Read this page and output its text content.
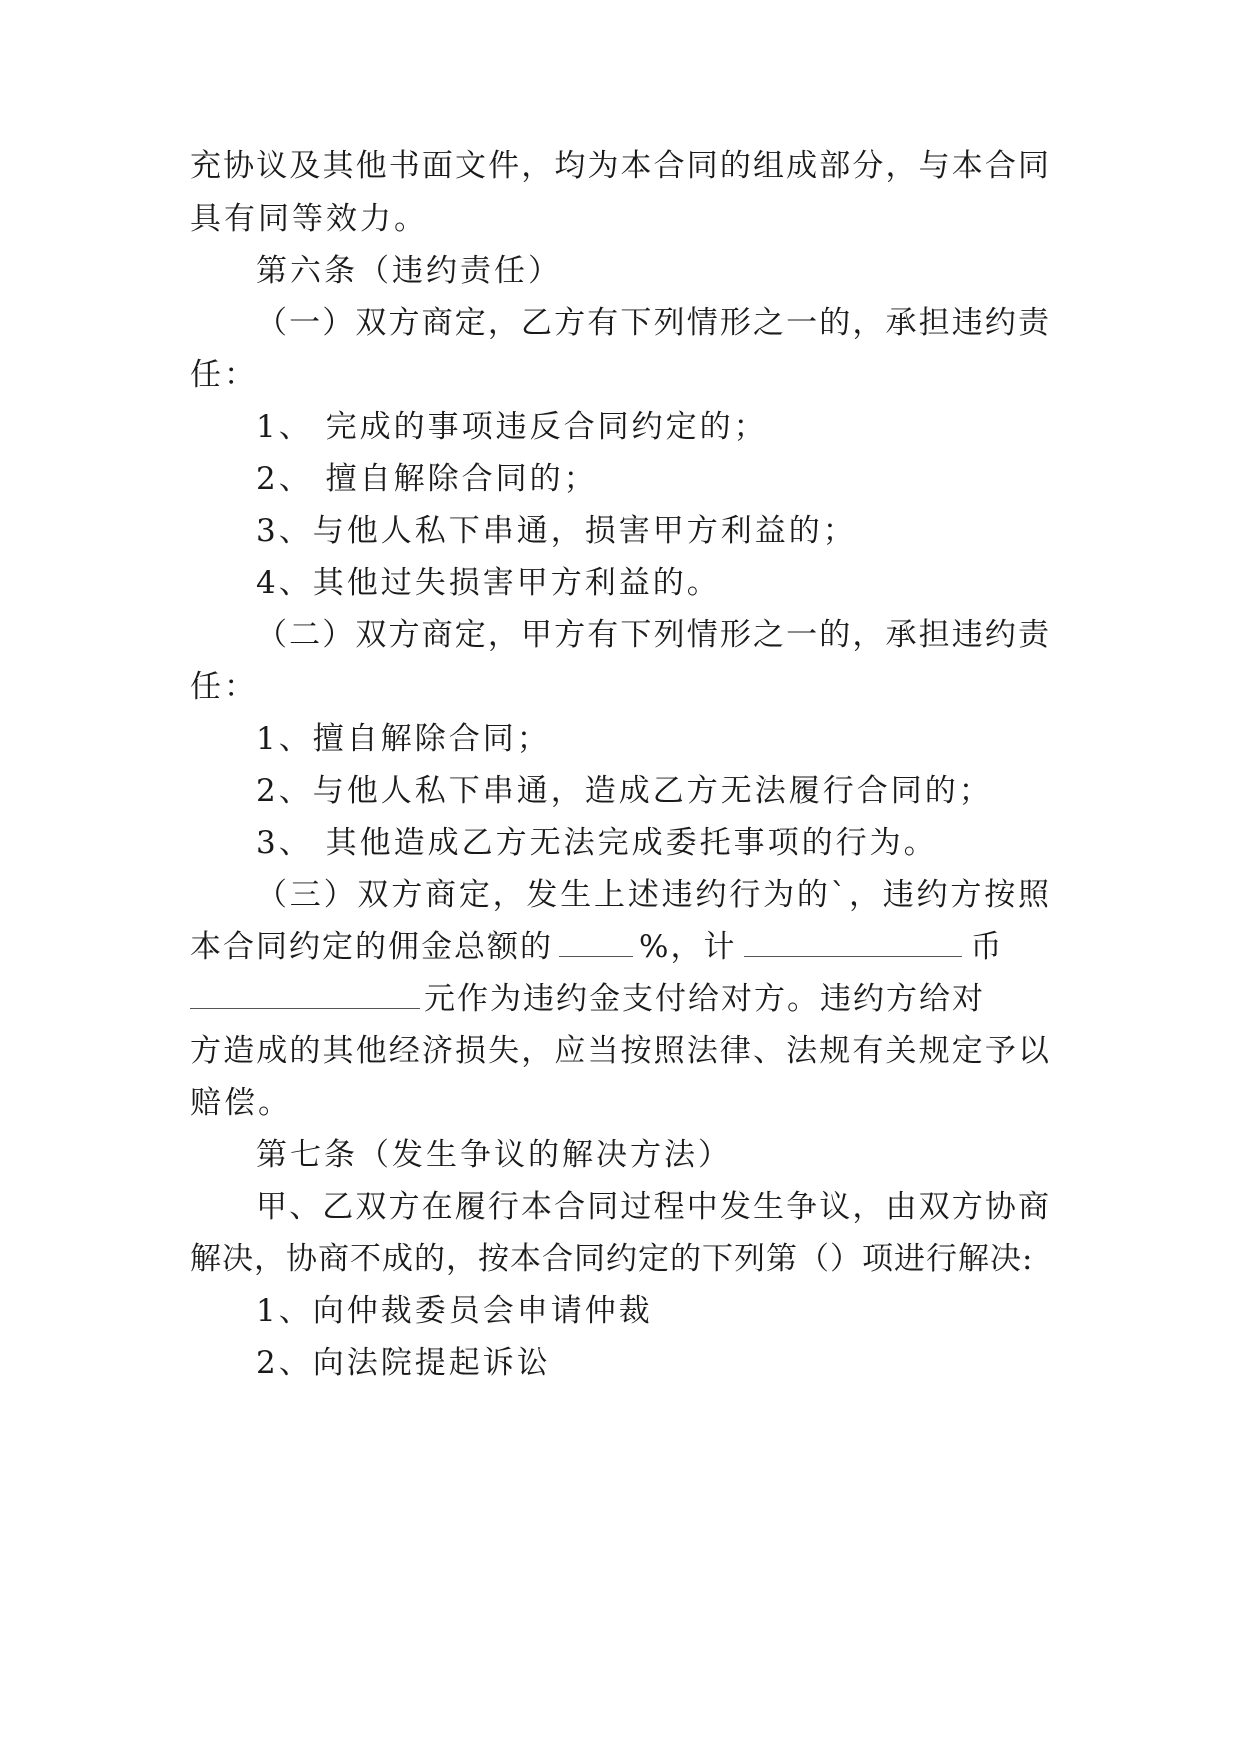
充协议及其他书面文件，均为本合同的组成部分，与本合同
具有同等效力。
第六条（违约责任）
（一）双方商定，乙方有下列情形之一的，承担违约责
任：
1、 完成的事项违反合同约定的；
2、 擅自解除合同的；
3、与他人私下串通，损害甲方利益的；
4、其他过失损害甲方利益的。
（二）双方商定，甲方有下列情形之一的，承担违约责
任：
1、擅自解除合同；
2、与他人私下串通，造成乙方无法履行合同的；
3、 其他造成乙方无法完成委托事项的行为。
（三）双方商定，发生上述违约行为的`，违约方按照
本合同约定的佣金总额的	%，计	币
元作为违约金支付给对方。违约方给对
方造成的其他经济损失，应当按照法律、法规有关规定予以
赔偿。
第七条（发生争议的解决方法）
甲、乙双方在履行本合同过程中发生争议，由双方协商
解决，协商不成的，按本合同约定的下列第（）项进行解决:
1、向仲裁委员会申请仲裁
2、向法院提起诉讼
